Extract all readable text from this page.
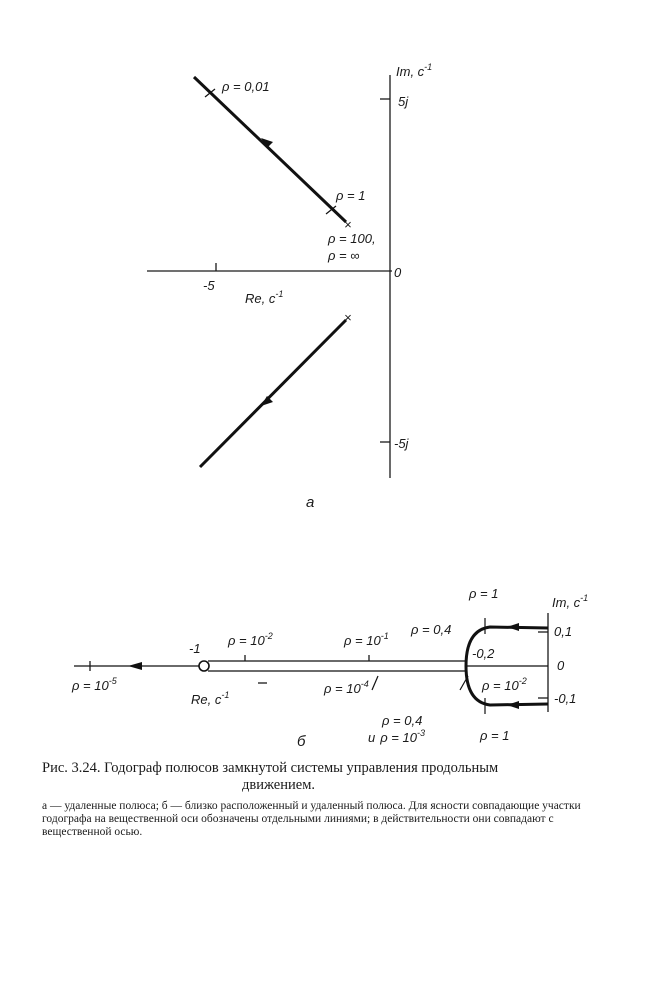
×
×
Im, $c^{-1}$
5j
-5j
0
-5
Re, $c^{-1}$
ρ = 0,01
ρ = 1
ρ = 100,
ρ = ∞
a
Im, $c^{-1}$
0,1
-0,1
0
-1	-0,2
Re, $c^{-1}$
ρ = 1
ρ = 1
ρ = 0,4
ρ = 0,4
$\rho = 10^{-2}$	$\rho = 10^{-1}$
$\rho = 10^{-4}$	$\rho = 10^{-2}$
и $\rho = 10^{-3}$
$\rho = 10^{-5}$
б

Рис. 3.24. Годограф полюсов замкнутой системы управления продольным
движением.

а — удаленные полюса; б — близко расположенный и удаленный полюса. Для ясности совпадающие участки годографа на вещественной оси обозначены отдельными линиями; в действительности они совпадают с вещественной осью.
